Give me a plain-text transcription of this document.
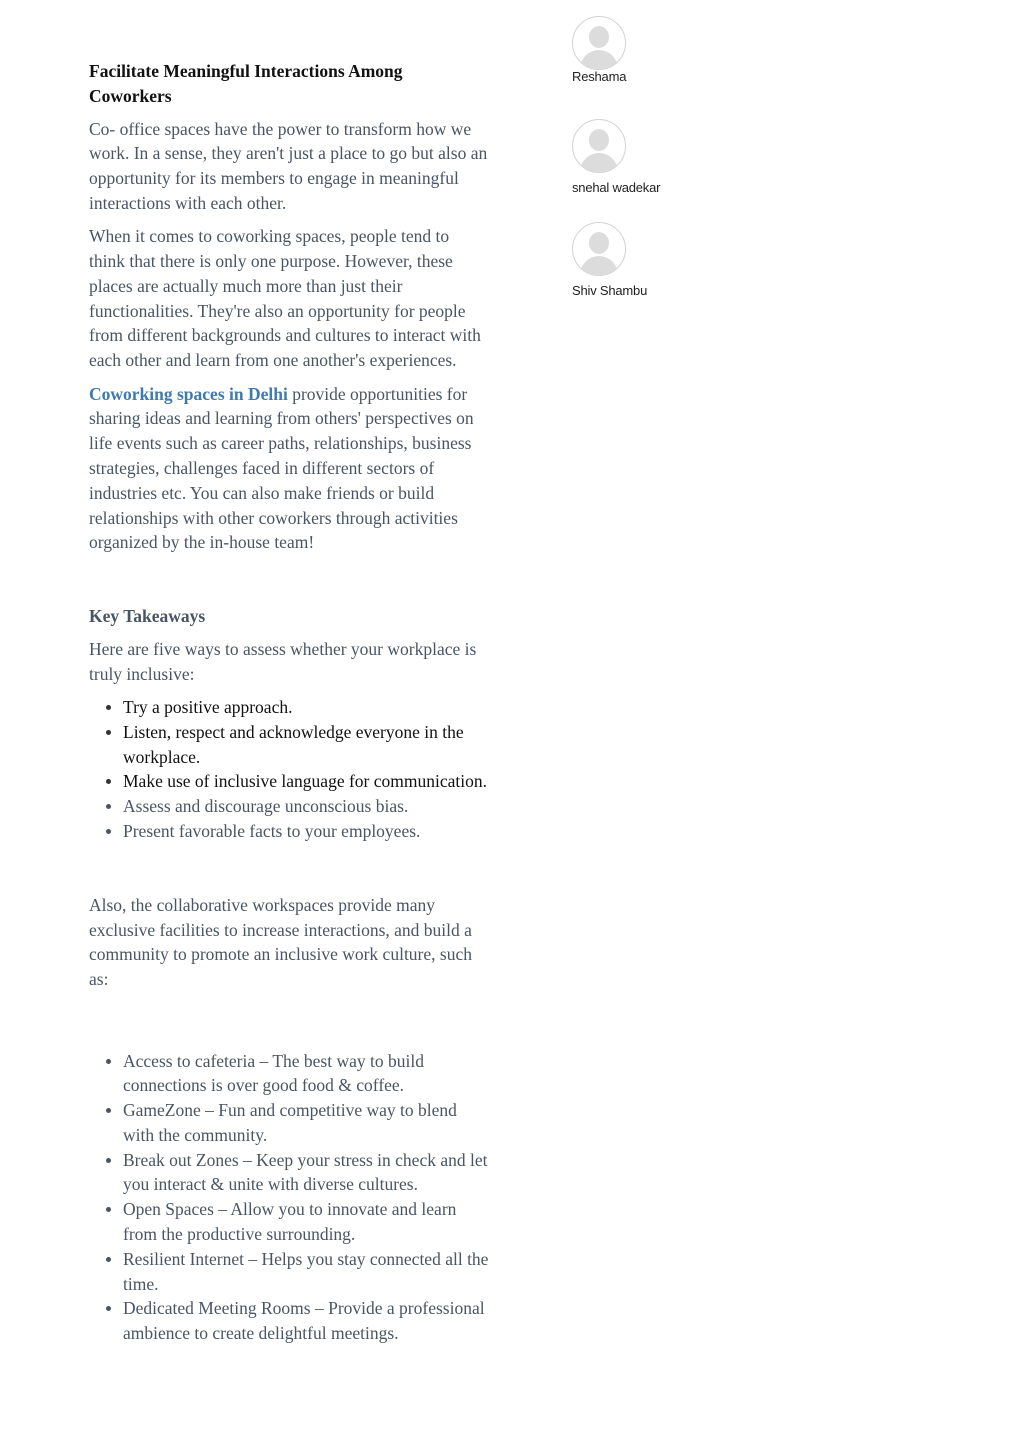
Facilitate Meaningful Interactions Among Coworkers

Co- office spaces have the power to transform how we work. In a sense, they aren't just a place to go but also an opportunity for its members to engage in meaningful interactions with each other.

When it comes to coworking spaces, people tend to think that there is only one purpose. However, these places are actually much more than just their functionalities. They're also an opportunity for people from different backgrounds and cultures to interact with each other and learn from one another's experiences.

Coworking spaces in Delhi provide opportunities for sharing ideas and learning from others' perspectives on life events such as career paths, relationships, business strategies, challenges faced in different sectors of industries etc. You can also make friends or build relationships with other coworkers through activities organized by the in-house team!

Key Takeaways

Here are five ways to assess whether your workplace is truly inclusive:

Try a positive approach.
Listen, respect and acknowledge everyone in the workplace.
Make use of inclusive language for communication.
Assess and discourage unconscious bias.
Present favorable facts to your employees.

Also, the collaborative workspaces provide many exclusive facilities to increase interactions, and build a community to promote an inclusive work culture, such as:

Access to cafeteria – The best way to build connections is over good food & coffee.
GameZone – Fun and competitive way to blend with the community.
Break out Zones – Keep your stress in check and let you interact & unite with diverse cultures.
Open Spaces – Allow you to innovate and learn from the productive surrounding.
Resilient Internet – Helps you stay connected all the time.
Dedicated Meeting Rooms – Provide a professional ambience to create delightful meetings.
Reshama
snehal wadekar
Shiv Shambu
